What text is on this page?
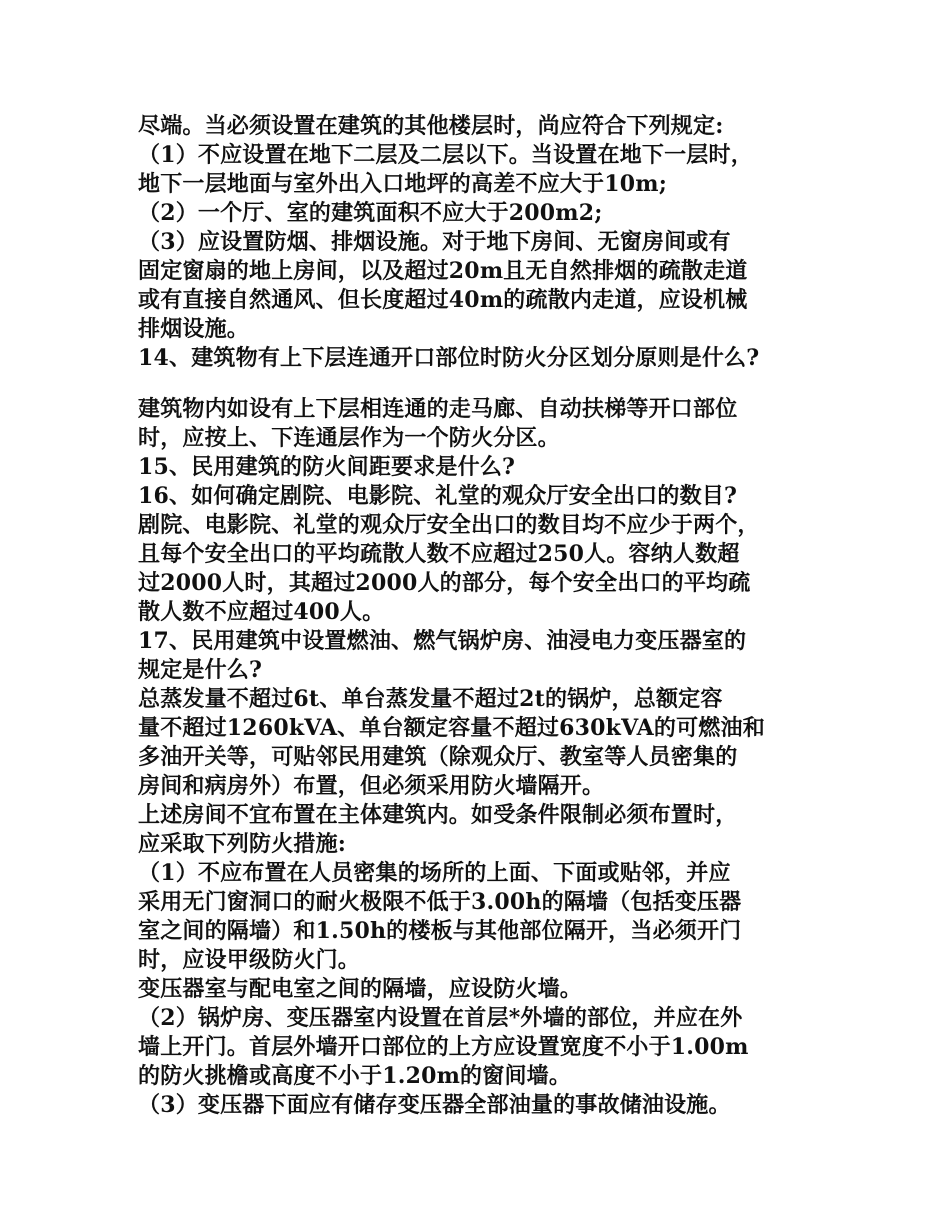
尽端。当必须设置在建筑的其他楼层时，尚应符合下列规定:
（1）不应设置在地下二层及二层以下。当设置在地下一层时，
地下一层地面与室外出入口地坪的高差不应大于10m;
（2）一个厅、室的建筑面积不应大于200m2;
（3）应设置防烟、排烟设施。对于地下房间、无窗房间或有
固定窗扇的地上房间，以及超过20m且无自然排烟的疏散走道
或有直接自然通风、但长度超过40m的疏散内走道，应设机械
排烟设施。
14、建筑物有上下层连通开口部位时防火分区划分原则是什么?
建筑物内如设有上下层相连通的走马廊、自动扶梯等开口部位
时，应按上、下连通层作为一个防火分区。
15、民用建筑的防火间距要求是什么?
16、如何确定剧院、电影院、礼堂的观众厅安全出口的数目?
剧院、电影院、礼堂的观众厅安全出口的数目均不应少于两个，
且每个安全出口的平均疏散人数不应超过250人。容纳人数超
过2000人时，其超过2000人的部分，每个安全出口的平均疏
散人数不应超过400人。
17、民用建筑中设置燃油、燃气锅炉房、油浸电力变压器室的
规定是什么?
总蒸发量不超过6t、单台蒸发量不超过2t的锅炉，总额定容
量不超过1260kVA、单台额定容量不超过630kVA的可燃油和
多油开关等，可贴邻民用建筑（除观众厅、教室等人员密集的
房间和病房外）布置，但必须采用防火墙隔开。
上述房间不宜布置在主体建筑内。如受条件限制必须布置时，
应采取下列防火措施:
（1）不应布置在人员密集的场所的上面、下面或贴邻，并应
采用无门窗洞口的耐火极限不低于3.00h的隔墙（包括变压器
室之间的隔墙）和1.50h的楼板与其他部位隔开，当必须开门
时，应设甲级防火门。
变压器室与配电室之间的隔墙，应设防火墙。
（2）锅炉房、变压器室内设置在首层*外墙的部位，并应在外
墙上开门。首层外墙开口部位的上方应设置宽度不小于1.00m
的防火挑檐或高度不小于1.20m的窗间墙。
（3）变压器下面应有储存变压器全部油量的事故储油设施。
